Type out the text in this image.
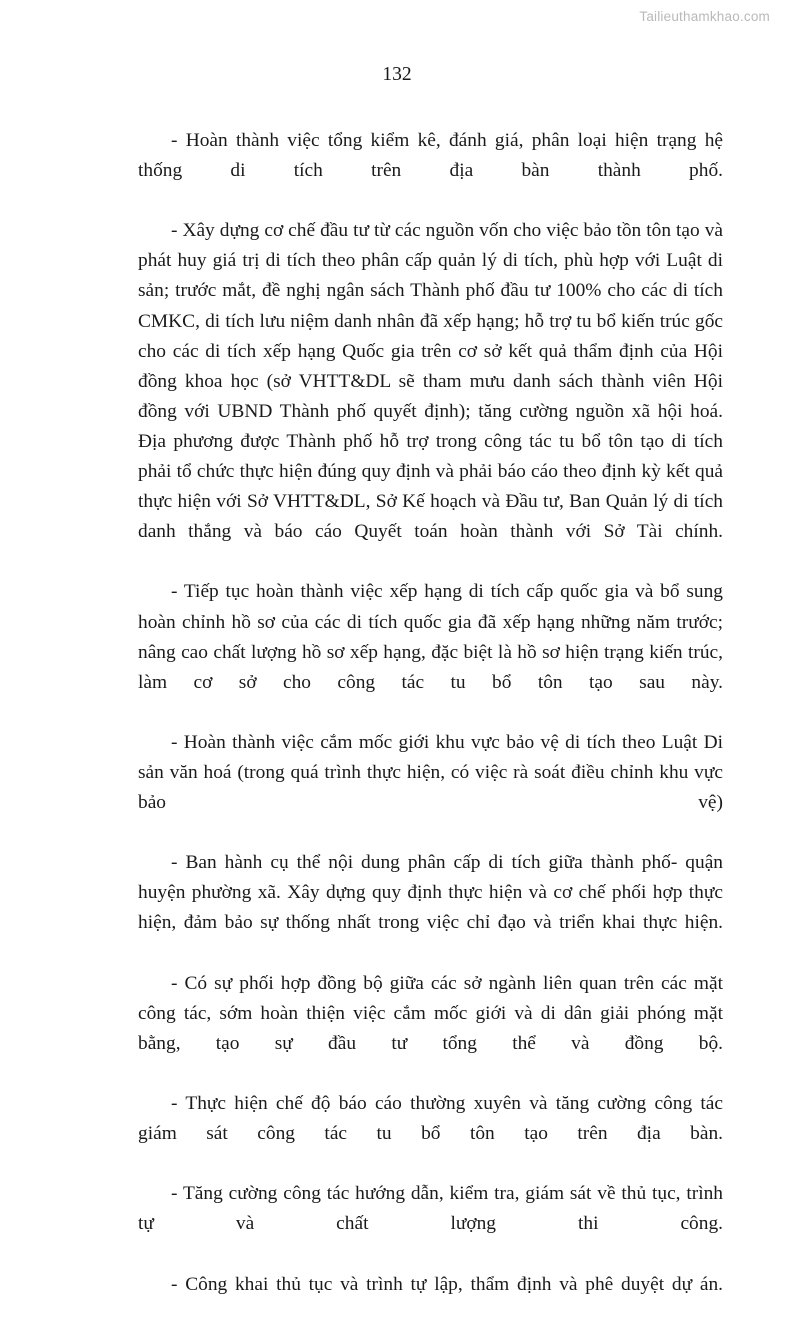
Tailieuthamkhao.com
132

- Hoàn thành việc tổng kiểm kê, đánh giá, phân loại hiện trạng hệ thống di tích trên địa bàn thành phố.

- Xây dựng cơ chế đầu tư từ các nguồn vốn cho việc bảo tồn tôn tạo và phát huy giá trị di tích theo phân cấp quản lý di tích, phù hợp với Luật di sản; trước mắt, đề nghị ngân sách Thành phố đầu tư 100% cho các di tích CMKC, di tích lưu niệm danh nhân đã xếp hạng; hỗ trợ tu bổ kiến trúc gốc cho các di tích xếp hạng Quốc gia trên cơ sở kết quả thẩm định của Hội đồng khoa học (sở VHTT&DL sẽ tham mưu danh sách thành viên Hội đồng với UBND Thành phố quyết định); tăng cường nguồn xã hội hoá. Địa phương được Thành phố hỗ trợ trong công tác tu bổ tôn tạo di tích phải tổ chức thực hiện đúng quy định và phải báo cáo theo định kỳ kết quả thực hiện với Sở VHTT&DL, Sở Kế hoạch và Đầu tư, Ban Quản lý di tích danh thắng và báo cáo Quyết toán hoàn thành với Sở Tài chính.

- Tiếp tục hoàn thành việc xếp hạng di tích cấp quốc gia và bổ sung hoàn chỉnh hồ sơ của các di tích quốc gia đã xếp hạng những năm trước; nâng cao chất lượng hồ sơ xếp hạng, đặc biệt là hồ sơ hiện trạng kiến trúc, làm cơ sở cho công tác tu bổ tôn tạo sau này.

- Hoàn thành việc cắm mốc giới khu vực bảo vệ di tích theo Luật Di sản văn hoá (trong quá trình thực hiện, có việc rà soát điều chỉnh khu vực bảo vệ)

- Ban hành cụ thể nội dung phân cấp di tích giữa thành phố- quận huyện phường xã. Xây dựng quy định thực hiện và cơ chế phối hợp thực hiện, đảm bảo sự thống nhất trong việc chỉ đạo và triển khai thực hiện.

- Có sự phối hợp đồng bộ giữa các sở ngành liên quan trên các mặt công tác, sớm hoàn thiện việc cắm mốc giới và di dân giải phóng mặt bằng, tạo sự đầu tư tổng thể và đồng bộ.

- Thực hiện chế độ báo cáo thường xuyên và tăng cường công tác giám sát công tác tu bổ tôn tạo trên địa bàn.

- Tăng cường công tác hướng dẫn, kiểm tra, giám sát về thủ tục, trình tự và chất lượng thi công.

- Công khai thủ tục và trình tự lập, thẩm định và phê duyệt dự án.
